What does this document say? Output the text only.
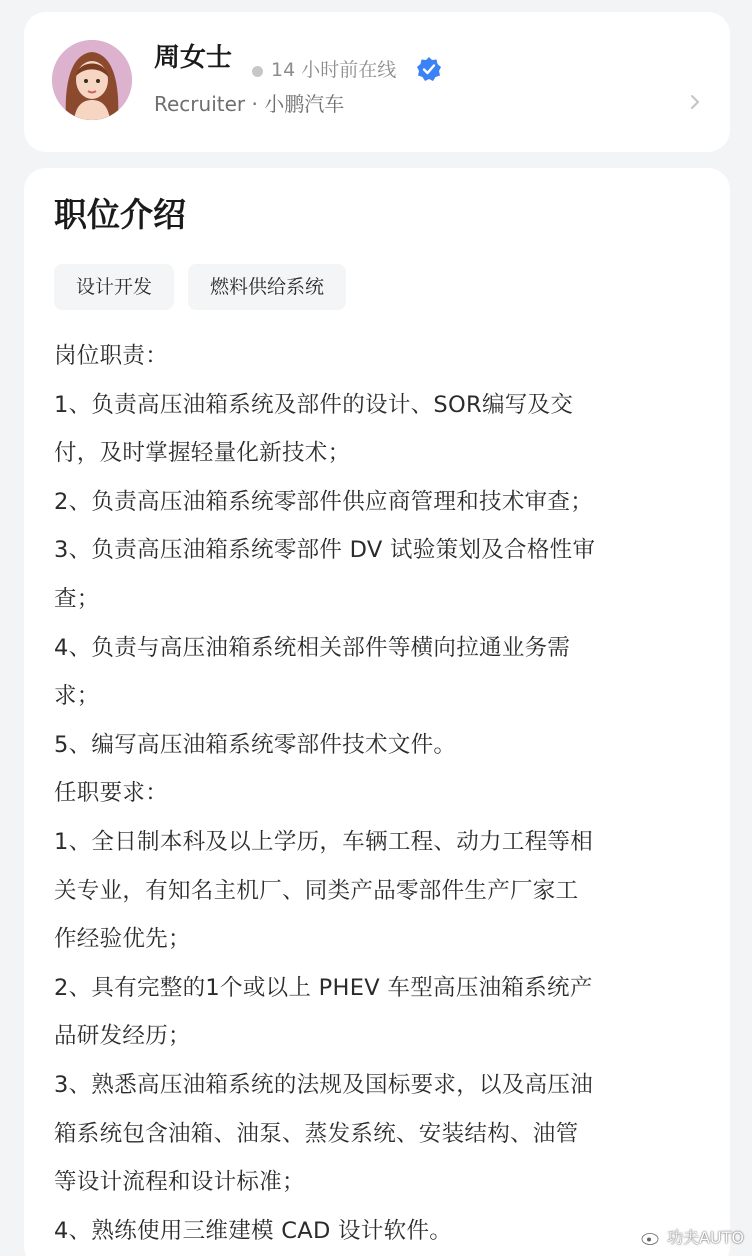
周女士 14 小时前在线
Recruiter · 小鹏汽车
职位介绍
设计开发	燃料供给系统
岗位职责：
1、负责高压油箱系统及部件的设计、SOR编写及交
付，及时掌握轻量化新技术；
2、负责高压油箱系统零部件供应商管理和技术审查；
3、负责高压油箱系统零部件 DV 试验策划及合格性审
查；
4、负责与高压油箱系统相关部件等横向拉通业务需
求；
5、编写高压油箱系统零部件技术文件。
任职要求：
1、全日制本科及以上学历，车辆工程、动力工程等相
关专业，有知名主机厂、同类产品零部件生产厂家工
作经验优先；
2、具有完整的1个或以上 PHEV 车型高压油箱系统产
品研发经历；
3、熟悉高压油箱系统的法规及国标要求，以及高压油
箱系统包含油箱、油泵、蒸发系统、安装结构、油管
等设计流程和设计标准；
4、熟练使用三维建模 CAD 设计软件。	功夫AUTO
